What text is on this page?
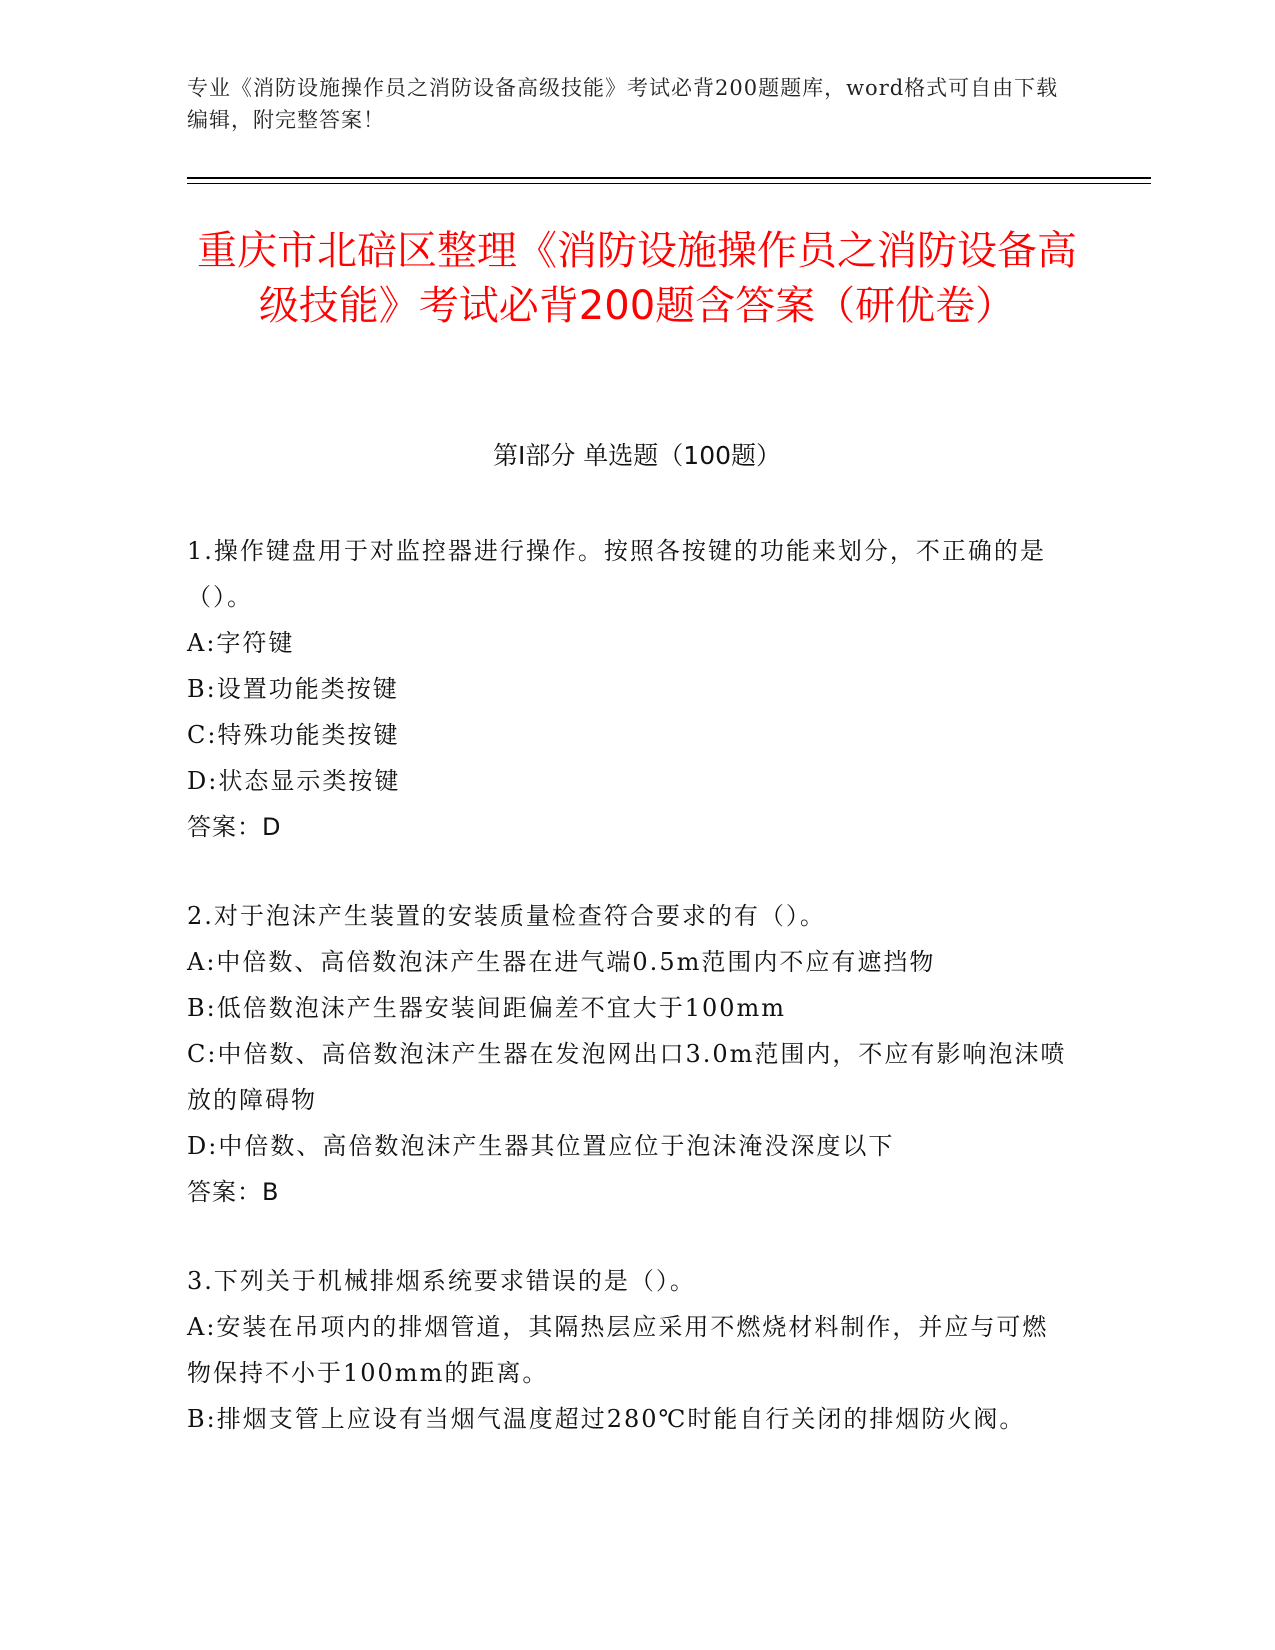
专业《消防设施操作员之消防设备高级技能》考试必背200题题库，word格式可自由下载编辑，附完整答案！
重庆市北碚区整理《消防设施操作员之消防设备高级技能》考试必背200题含答案（研优卷）
第Ⅰ部分 单选题（100题）
1.操作键盘用于对监控器进行操作。按照各按键的功能来划分，不正确的是（）。
A:字符键
B:设置功能类按键
C:特殊功能类按键
D:状态显示类按键
答案：D
2.对于泡沫产生装置的安装质量检查符合要求的有（）。
A:中倍数、高倍数泡沫产生器在进气端0.5m范围内不应有遮挡物
B:低倍数泡沫产生器安装间距偏差不宜大于100mm
C:中倍数、高倍数泡沫产生器在发泡网出口3.0m范围内，不应有影响泡沫喷放的障碍物
D:中倍数、高倍数泡沫产生器其位置应位于泡沫淹没深度以下
答案：B
3.下列关于机械排烟系统要求错误的是（）。
A:安装在吊项内的排烟管道，其隔热层应采用不燃烧材料制作，并应与可燃物保持不小于100mm的距离。
B:排烟支管上应设有当烟气温度超过280℃时能自行关闭的排烟防火阀。
